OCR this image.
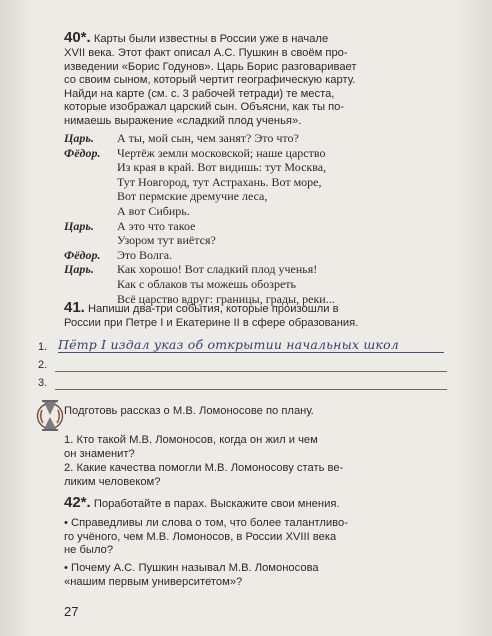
40*. Карты были известны в России уже в начале
XVII века. Этот факт описал А.С. Пушкин в своём про-
изведении «Борис Годунов». Царь Борис разговаривает
со своим сыном, который чертит географическую карту.
Найди на карте (см. с. 3 рабочей тетради) те места,
которые изображал царский сын. Объясни, как ты по-
нимаешь выражение «сладкий плод ученья».
Царь. А ты, мой сын, чем занят? Это что?
Фёдор. Чертёж земли московской; наше царство
Из края в край. Вот видишь: тут Москва,
Тут Новгород, тут Астрахань. Вот море,
Вот пермские дремучие леса,
А вот Сибирь.
Царь. А это что такое
Узором тут виётся?
Фёдор. Это Волга.
Царь. Как хорошо! Вот сладкий плод ученья!
Как с облаков ты можешь обозреть
Всё царство вдруг: границы, грады, реки...
41. Напиши два-три события, которые произошли в
России при Петре I и Екатерине II в сфере образования.
1. Пётр I издал указ об открытии начальных школ
2.
3.
Подготовь рассказ о М.В. Ломоносове по плану.
1. Кто такой М.В. Ломоносов, когда он жил и чем
он знаменит?
2. Какие качества помогли М.В. Ломоносову стать ве-
ликим человеком?
42*. Поработайте в парах. Выскажите свои мнения.
• Справедливы ли слова о том, что более талантливо-
го учёного, чем М.В. Ломоносов, в России XVIII века
не было?
• Почему А.С. Пушкин называл М.В. Ломоносова
«нашим первым университетом»?
27
